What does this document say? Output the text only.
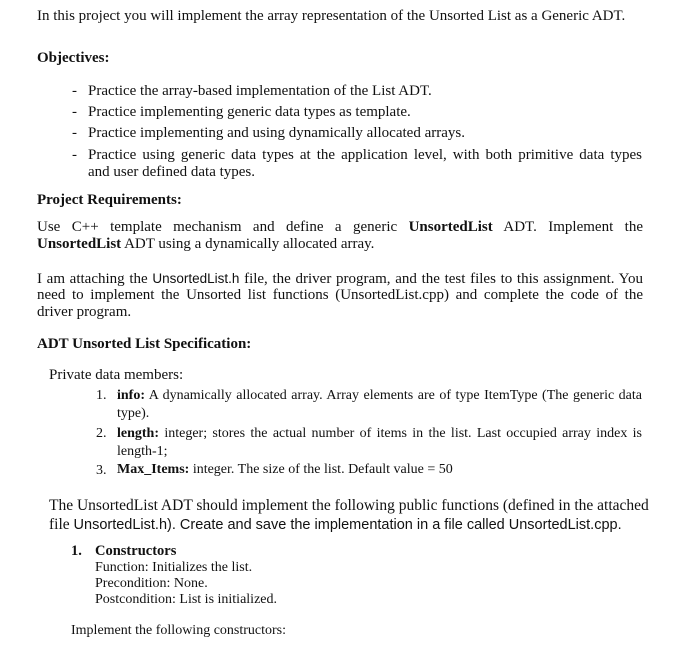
In this project you will implement the array representation of the Unsorted List as a Generic ADT.
Objectives:
- Practice the array-based implementation of the List ADT.
- Practice implementing generic data types as template.
- Practice implementing and using dynamically allocated arrays.
- Practice using generic data types at the application level, with both primitive data types
and user defined data types.
Project Requirements:
Use C++ template mechanism and define a generic UnsortedList ADT. Implement the
UnsortedList ADT using a dynamically allocated array.
I am attaching the UnsortedList.h file, the driver program, and the test files to this assignment. You
need to implement the Unsorted list functions (UnsortedList.cpp) and complete the code of the
driver program.
ADT Unsorted List Specification:
Private data members:
1. info: A dynamically allocated array. Array elements are of type ItemType (The generic data
type).
2. length: integer; stores the actual number of items in the list. Last occupied array index is
length-1;
3. Max_Items: integer. The size of the list. Default value = 50
The UnsortedList ADT should implement the following public functions (defined in the attached
file UnsortedList.h). Create and save the implementation in a file called UnsortedList.cpp.
1. Constructors
Function: Initializes the list.
Precondition: None.
Postcondition: List is initialized.
Implement the following constructors:
